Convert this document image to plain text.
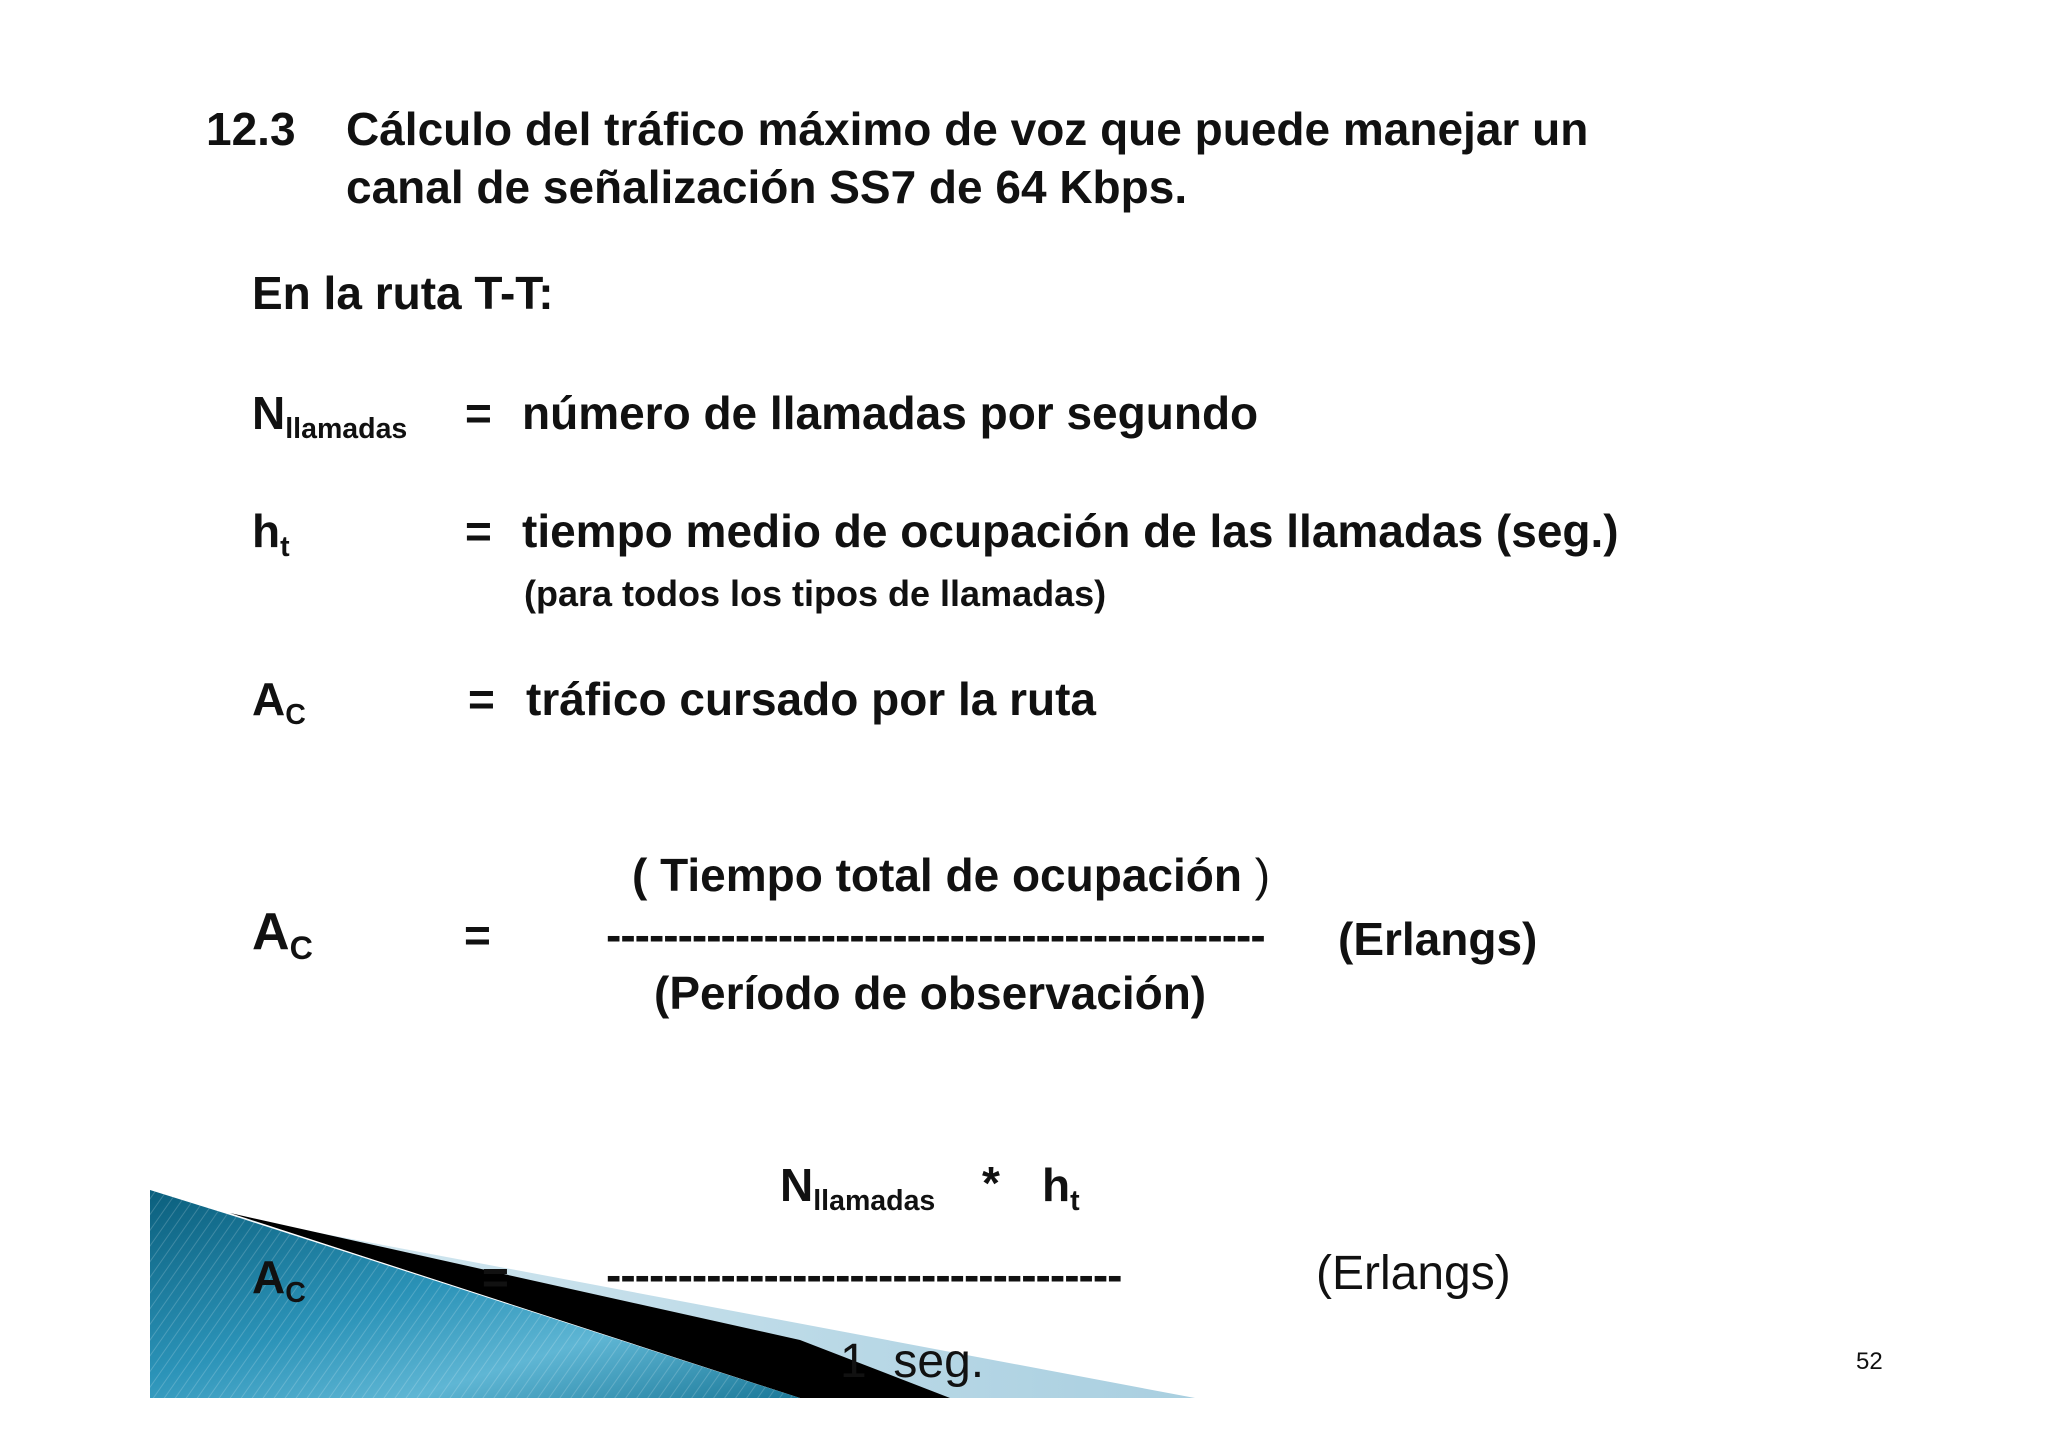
12.3 Cálculo del tráfico máximo de voz que puede manejar un
canal de señalización SS7 de 64 Kbps.
En la ruta T-T:
Nllamadas = número de llamadas por segundo
ht	= tiempo medio de ocupación de las llamadas (seg.)
(para todos los tipos de llamadas)
AC	= tráfico cursado por la ruta
( Tiempo total de ocupación )
AC	=	---------------------------------------------- (Erlangs)
(Período de observación)
Nllamadas * ht
AC	= ------------------------------------	(Erlangs)
1  seg.	52
